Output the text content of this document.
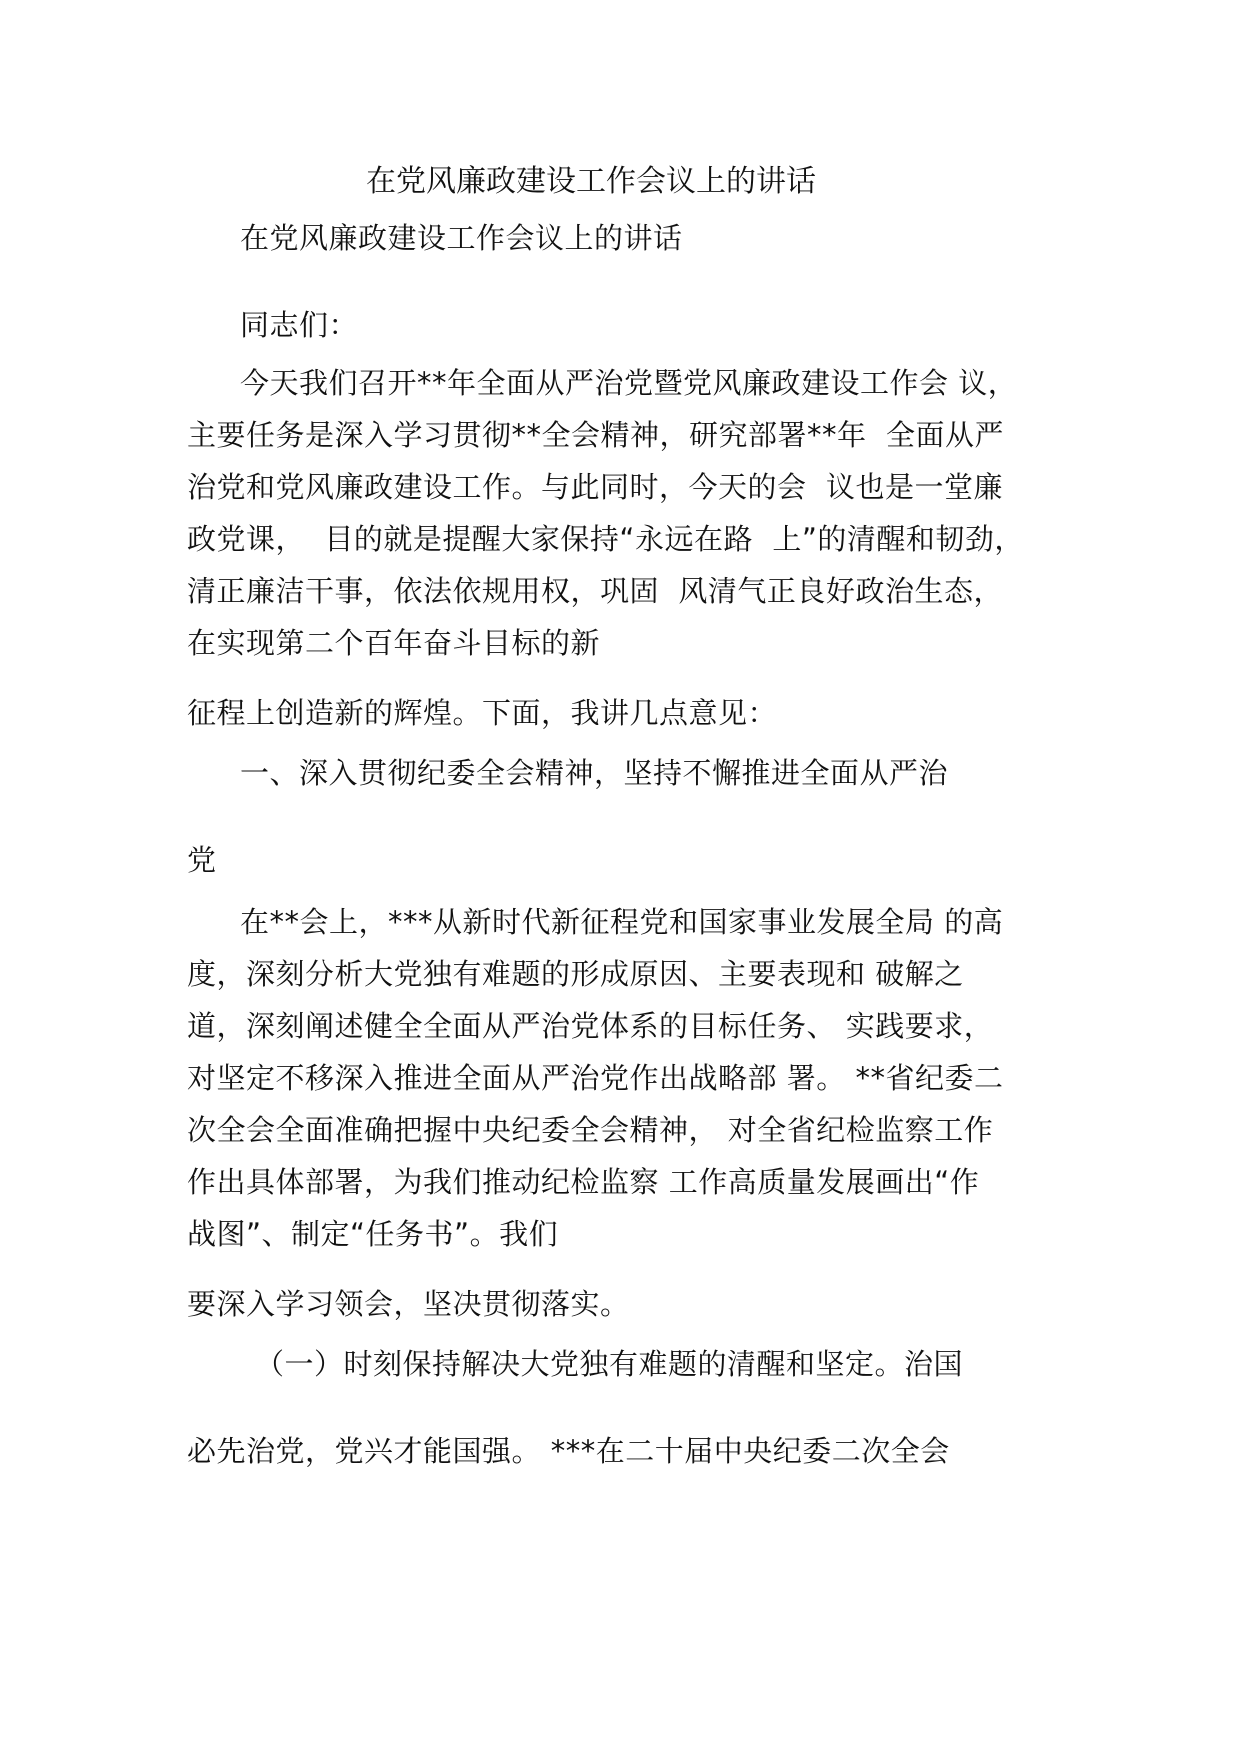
在党风廉政建设工作会议上的讲话
在党风廉政建设工作会议上的讲话
同志们：
今天我们召开**年全面从严治党暨党风廉政建设工作会 议，
主要任务是深入学习贯彻**全会精神，研究部署**年  全面从严
治党和党风廉政建设工作。与此同时，今天的会  议也是一堂廉
政党课，  目的就是提醒大家保持“永远在路  上”的清醒和韧劲，
清正廉洁干事，依法依规用权，巩固  风清气正良好政治生态，
在实现第二个百年奋斗目标的新
征程上创造新的辉煌。下面，我讲几点意见：
一、深入贯彻纪委全会精神，坚持不懈推进全面从严治
党
在**会上，***从新时代新征程党和国家事业发展全局 的高
度，深刻分析大党独有难题的形成原因、主要表现和 破解之
道，深刻阐述健全全面从严治党体系的目标任务、 实践要求，
对坚定不移深入推进全面从严治党作出战略部 署。 **省纪委二
次全会全面准确把握中央纪委全会精神， 对全省纪检监察工作
作出具体部署，为我们推动纪检监察 工作高质量发展画出“作
战图”、制定“任务书”。我们
要深入学习领会，坚决贯彻落实。
（一）时刻保持解决大党独有难题的清醒和坚定。治国
必先治党，党兴才能国强。 ***在二十届中央纪委二次全会
